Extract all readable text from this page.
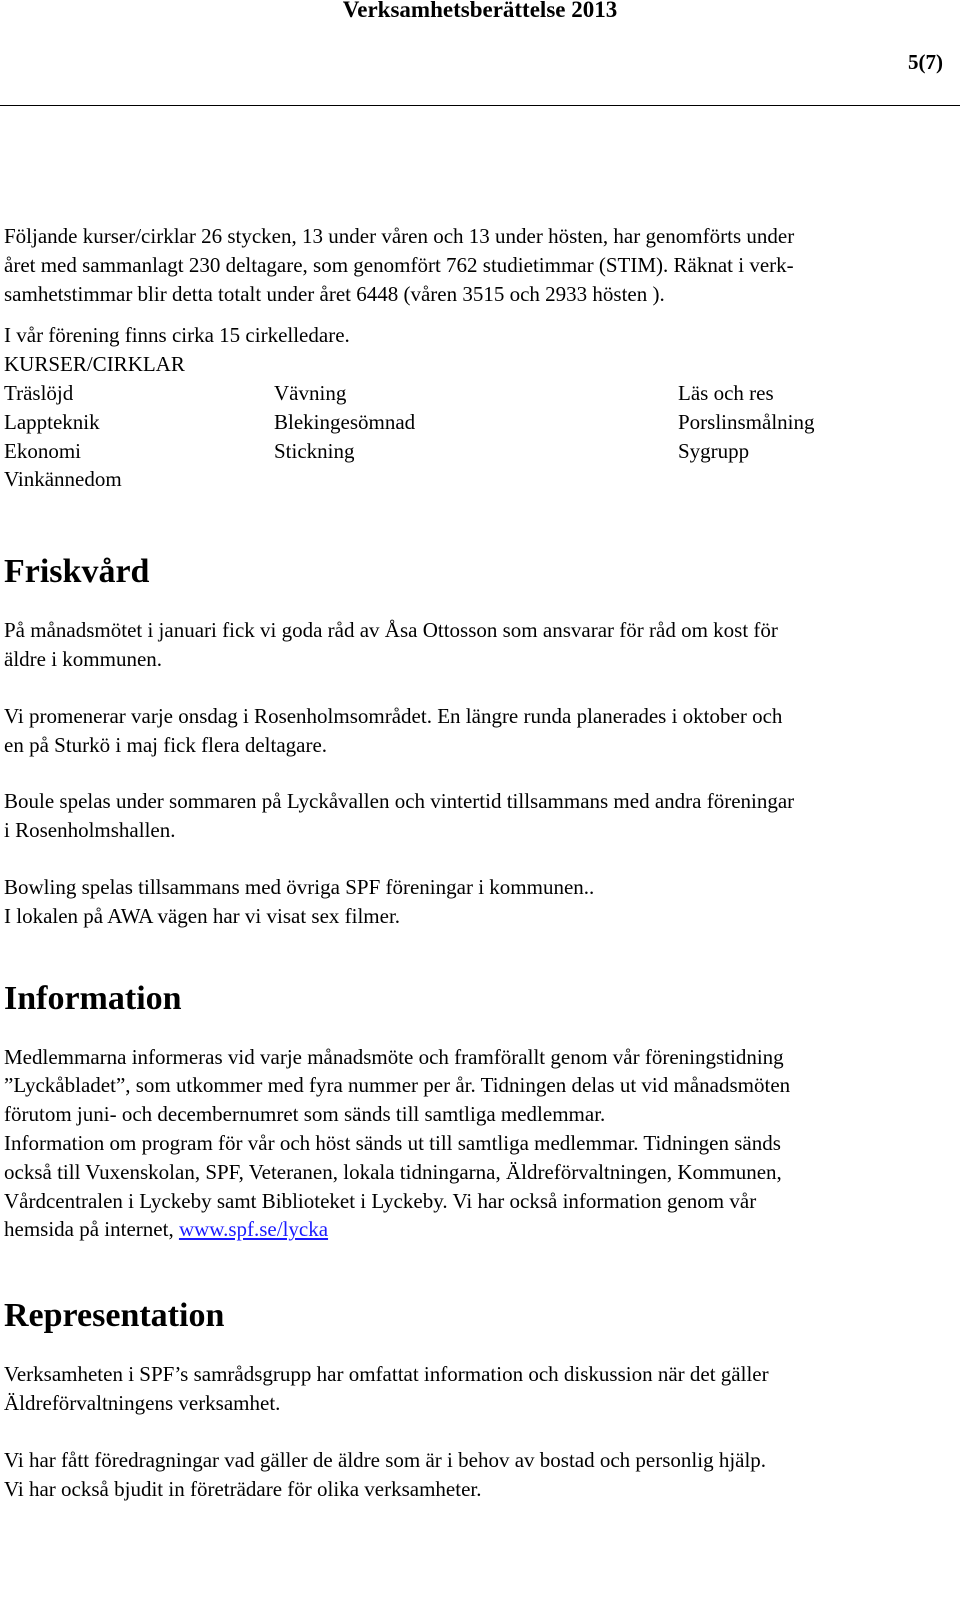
Verksamhetsberättelse 2013
5(7)

Följande kurser/cirklar 26 stycken, 13 under våren och 13 under hösten, har genomförts under
året med sammanlagt 230 deltagare, som genomfört 762 studietimmar (STIM). Räknat i verk-
samhetstimmar blir detta totalt under året 6448 (våren 3515 och 2933 hösten ).

I vår förening finns cirka 15 cirkelledare.

KURSER/CIRKLAR

Träslöjd	Vävning	Läs och res
Lappteknik	Blekingesömnad	Porslinsmålning
Ekonomi	Stickning	Sygrupp
Vinkännedom
Friskvård

På månadsmötet i januari fick vi goda råd av Åsa Ottosson som ansvarar för råd om kost för
äldre i kommunen.

Vi promenerar varje onsdag i Rosenholmsområdet. En längre runda planerades i oktober och
en på Sturkö i maj fick flera deltagare.

Boule spelas under sommaren på Lyckåvallen och vintertid tillsammans med andra föreningar
i Rosenholmshallen.

Bowling spelas tillsammans med övriga SPF föreningar i kommunen..
I lokalen på AWA vägen har vi visat sex filmer.

Information

Medlemmarna informeras vid varje månadsmöte och framförallt genom vår föreningstidning
”Lyckåbladet”, som utkommer med fyra nummer per år. Tidningen delas ut vid månadsmöten
förutom juni- och decembernumret som sänds till samtliga medlemmar.
Information om program för vår och höst sänds ut till samtliga medlemmar. Tidningen sänds
också till Vuxenskolan, SPF, Veteranen, lokala tidningarna, Äldreförvaltningen, Kommunen,
Vårdcentralen i Lyckeby samt Biblioteket i Lyckeby. Vi har också information genom vår
hemsida på internet, www.spf.se/lycka

Representation

Verksamheten i SPF’s samrådsgrupp har omfattat information och diskussion när det gäller
Äldreförvaltningens verksamhet.

Vi har fått föredragningar vad gäller de äldre som är i behov av bostad och personlig hjälp.
Vi har också bjudit in företrädare för olika verksamheter.
